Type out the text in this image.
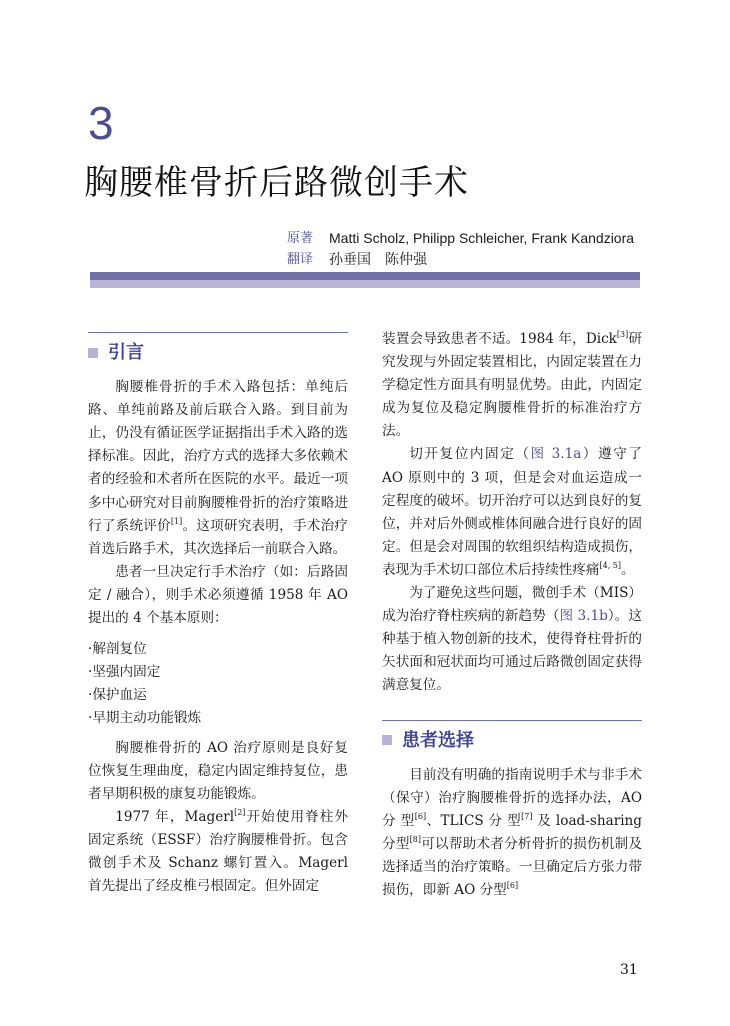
3
胸腰椎骨折后路微创手术
原著	Matti Scholz, Philipp Schleicher, Frank Kandziora
翻译	孙垂国　陈仲强
引言

胸腰椎骨折的手术入路包括：单纯后路、单纯前路及前后联合入路。到目前为止，仍没有循证医学证据指出手术入路的选择标准。因此，治疗方式的选择大多依赖术者的经验和术者所在医院的水平。最近一项多中心研究对目前胸腰椎骨折的治疗策略进行了系统评价[1]。这项研究表明，手术治疗首选后路手术，其次选择后一前联合入路。

患者一旦决定行手术治疗（如：后路固定 / 融合），则手术必须遵循 1958 年 AO 提出的 4 个基本原则：

·解剖复位
·坚强内固定
·保护血运
·早期主动功能锻炼

胸腰椎骨折的 AO 治疗原则是良好复位恢复生理曲度，稳定内固定维持复位，患者早期积极的康复功能锻炼。

1977 年，Magerl[2]开始使用脊柱外固定系统（ESSF）治疗胸腰椎骨折。包含微创手术及 Schanz 螺钉置入。Magerl 首先提出了经皮椎弓根固定。但外固定

装置会导致患者不适。1984 年，Dick[3]研究发现与外固定装置相比，内固定装置在力学稳定性方面具有明显优势。由此，内固定成为复位及稳定胸腰椎骨折的标准治疗方法。

切开复位内固定（图 3.1a）遵守了 AO 原则中的 3 项，但是会对血运造成一定程度的破坏。切开治疗可以达到良好的复位，并对后外侧或椎体间融合进行良好的固定。但是会对周围的软组织结构造成损伤，表现为手术切口部位术后持续性疼痛[4, 5]。

为了避免这些问题，微创手术（MIS）成为治疗脊柱疾病的新趋势（图 3.1b）。这种基于植入物创新的技术，使得脊柱骨折的矢状面和冠状面均可通过后路微创固定获得满意复位。

患者选择

目前没有明确的指南说明手术与非手术（保守）治疗胸腰椎骨折的选择办法，AO 分 型[6]、TLICS 分 型[7] 及 load-sharing 分型[8]可以帮助术者分析骨折的损伤机制及选择适当的治疗策略。一旦确定后方张力带损伤，即新 AO 分型[6]

31
